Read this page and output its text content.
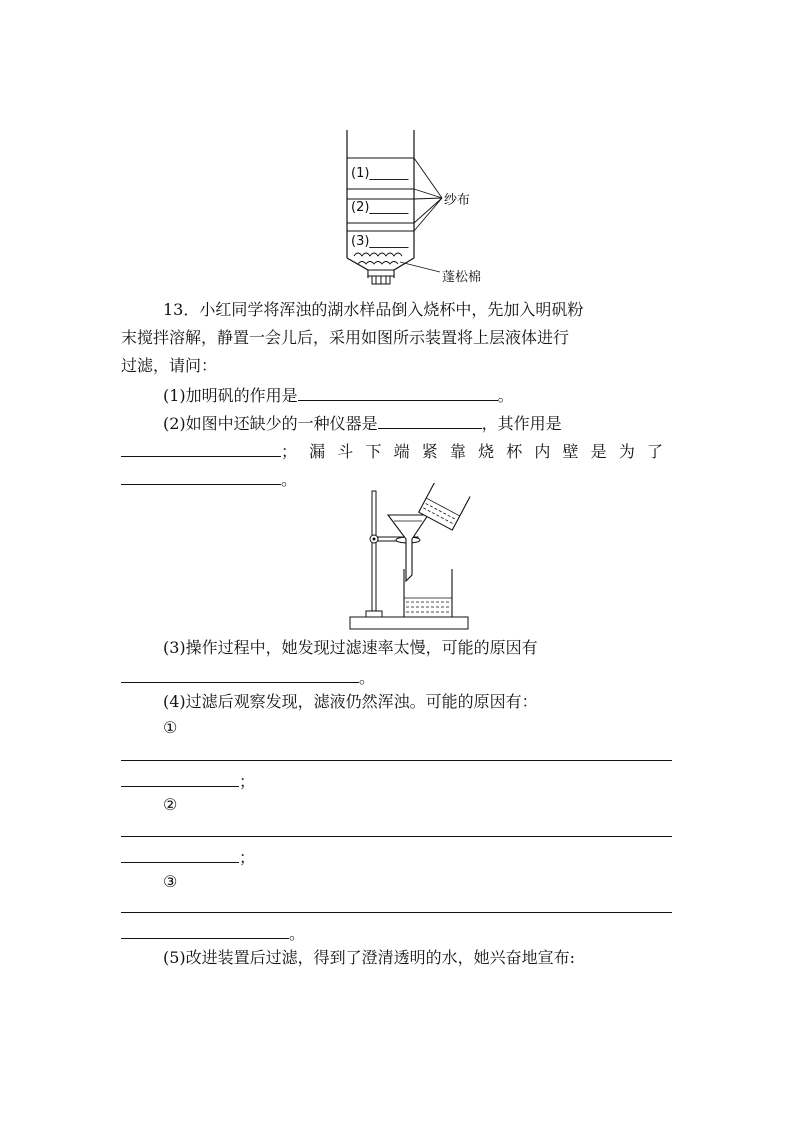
(1)______
(2)______
(3)______
纱布
蓬松棉
13．小红同学将浑浊的湖水样品倒入烧杯中，先加入明矾粉
末搅拌溶解，静置一会儿后，采用如图所示装置将上层液体进行
过滤，请问：
(1)加明矾的作用是	。
(2)如图中还缺少的一种仪器是	，其作用是
；漏斗下端紧靠烧杯内壁是为了
。
(3)操作过程中，她发现过滤速率太慢，可能的原因有
。
(4)过滤后观察发现，滤液仍然浑浊。可能的原因有：
①
；
②
；
③
。
(5)改进装置后过滤，得到了澄清透明的水，她兴奋地宣布:
